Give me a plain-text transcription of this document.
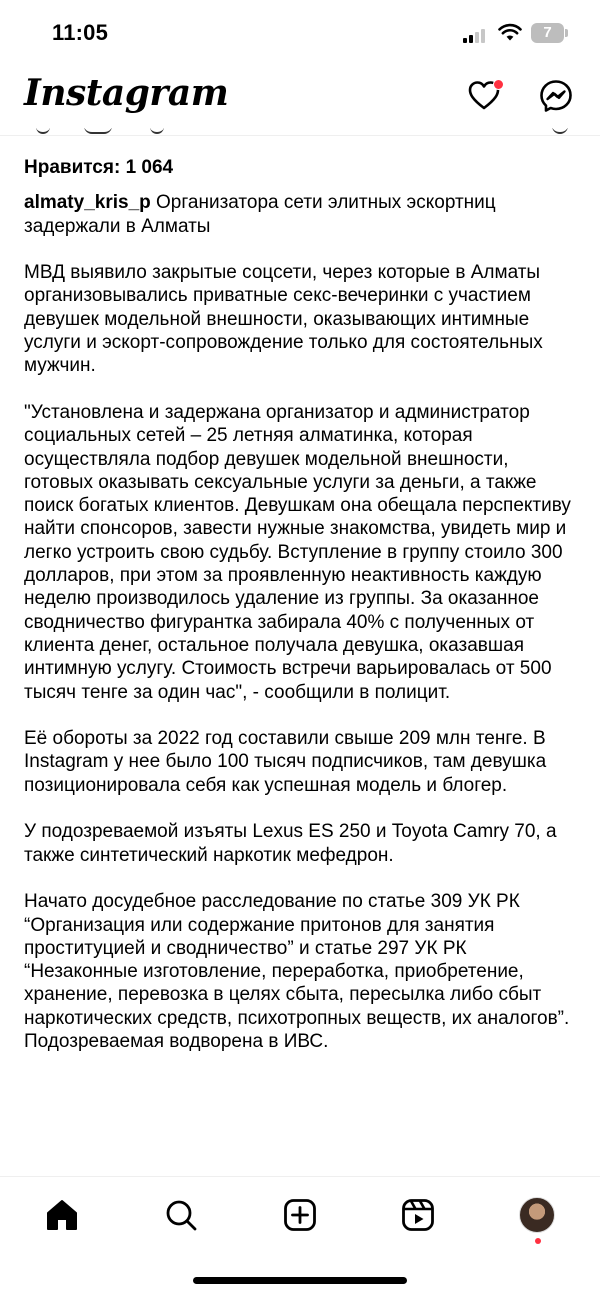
11:05	7
Instagram
Нравится: 1 064

almaty_kris_p Организатора сети элитных эскортниц задержали в Алматы

МВД выявило закрытые соцсети, через которые в Алматы организовывались приватные секс-вечеринки с участием девушек модельной внешности, оказывающих интимные услуги и эскорт-сопровождение только для состоятельных мужчин.

"Установлена и задержана организатор и администратор социальных сетей – 25 летняя алматинка, которая осуществляла подбор девушек модельной внешности, готовых оказывать сексуальные услуги за деньги, а также поиск богатых клиентов. Девушкам она обещала перспективу найти спонсоров, завести нужные знакомства, увидеть мир и легко устроить свою судьбу. Вступление в группу стоило 300 долларов, при этом за проявленную неактивность каждую неделю производилось удаление из группы. За оказанное сводничество фигурантка забирала 40% с полученных от клиента денег, остальное получала девушка, оказавшая интимную услугу. Стоимость встречи варьировалась от 500 тысяч тенге за один час", - сообщили в полицит.

Её обороты за 2022 год составили свыше 209 млн тенге. В Instagram у нее было 100 тысяч подписчиков, там девушка позиционировала себя как успешная модель и блогер.

У подозреваемой изъяты Lexus ES 250 и Toyota Camry 70, а также синтетический наркотик мефедрон.

Начато досудебное расследование по статье 309 УК РК “Организация или содержание притонов для занятия проституцией и сводничество” и статье 297 УК РК “Незаконные изготовление, переработка, приобретение, хранение, перевозка в целях сбыта, пересылка либо сбыт наркотических средств, психотропных веществ, их аналогов”. Подозреваемая водворена в ИВС.
